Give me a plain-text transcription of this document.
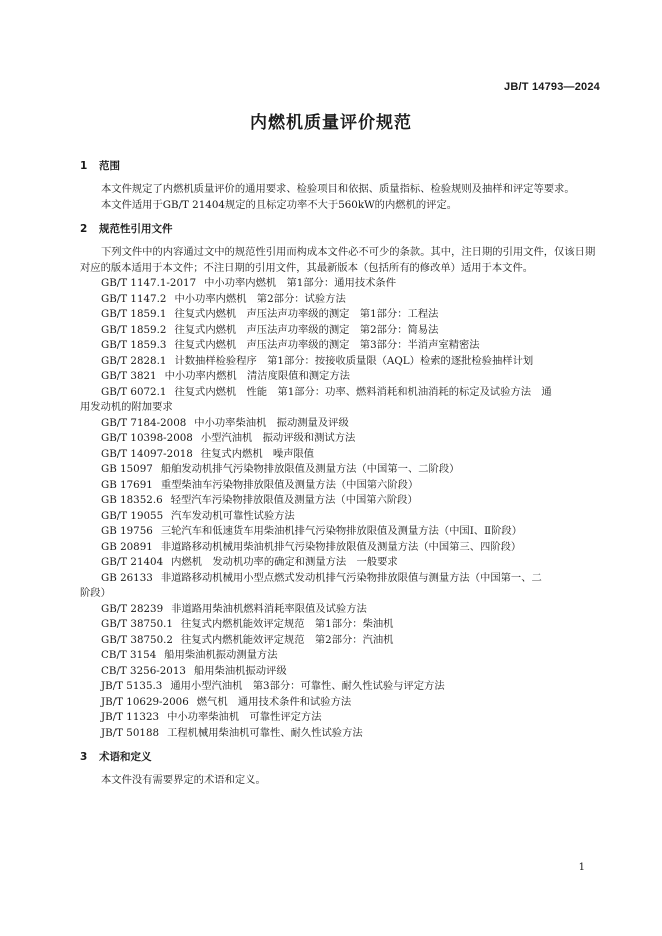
JB/T 14793—2024
内燃机质量评价规范
1 范围

本文件规定了内燃机质量评价的通用要求、检验项目和依据、质量指标、检验规则及抽样和评定等要求。

本文件适用于GB/T 21404规定的且标定功率不大于560kW的内燃机的评定。

2 规范性引用文件

下列文件中的内容通过文中的规范性引用而构成本文件必不可少的条款。其中，注日期的引用文件，仅该日期对应的版本适用于本文件；不注日期的引用文件，其最新版本（包括所有的修改单）适用于本文件。

GB/T 1147.1-2017 中小功率内燃机　第1部分：通用技术条件
GB/T 1147.2 中小功率内燃机　第2部分：试验方法
GB/T 1859.1 往复式内燃机　声压法声功率级的测定　第1部分：工程法
GB/T 1859.2 往复式内燃机　声压法声功率级的测定　第2部分：简易法
GB/T 1859.3 往复式内燃机　声压法声功率级的测定　第3部分：半消声室精密法
GB/T 2828.1 计数抽样检验程序　第1部分：按接收质量限（AQL）检索的逐批检验抽样计划
GB/T 3821 中小功率内燃机　清洁度限值和测定方法
GB/T 6072.1 往复式内燃机　性能　第1部分：功率、燃料消耗和机油消耗的标定及试验方法　通
用发动机的附加要求
GB/T 7184-2008 中小功率柴油机　振动测量及评级
GB/T 10398-2008 小型汽油机　振动评级和测试方法
GB/T 14097-2018 往复式内燃机　噪声限值
GB 15097 船舶发动机排气污染物排放限值及测量方法（中国第一、二阶段）
GB 17691 重型柴油车污染物排放限值及测量方法（中国第六阶段）
GB 18352.6 轻型汽车污染物排放限值及测量方法（中国第六阶段）
GB/T 19055 汽车发动机可靠性试验方法
GB 19756 三轮汽车和低速货车用柴油机排气污染物排放限值及测量方法（中国Ⅰ、Ⅱ阶段）
GB 20891 非道路移动机械用柴油机排气污染物排放限值及测量方法（中国第三、四阶段）
GB/T 21404 内燃机　发动机功率的确定和测量方法　一般要求
GB 26133 非道路移动机械用小型点燃式发动机排气污染物排放限值与测量方法（中国第一、二
阶段）
GB/T 28239 非道路用柴油机燃料消耗率限值及试验方法
GB/T 38750.1 往复式内燃机能效评定规范　第1部分：柴油机
GB/T 38750.2 往复式内燃机能效评定规范　第2部分：汽油机
CB/T 3154 船用柴油机振动测量方法
CB/T 3256-2013 船用柴油机振动评级
JB/T 5135.3 通用小型汽油机　第3部分：可靠性、耐久性试验与评定方法
JB/T 10629-2006 燃气机　通用技术条件和试验方法
JB/T 11323 中小功率柴油机　可靠性评定方法
JB/T 50188 工程机械用柴油机可靠性、耐久性试验方法
3 术语和定义

本文件没有需要界定的术语和定义。

1
